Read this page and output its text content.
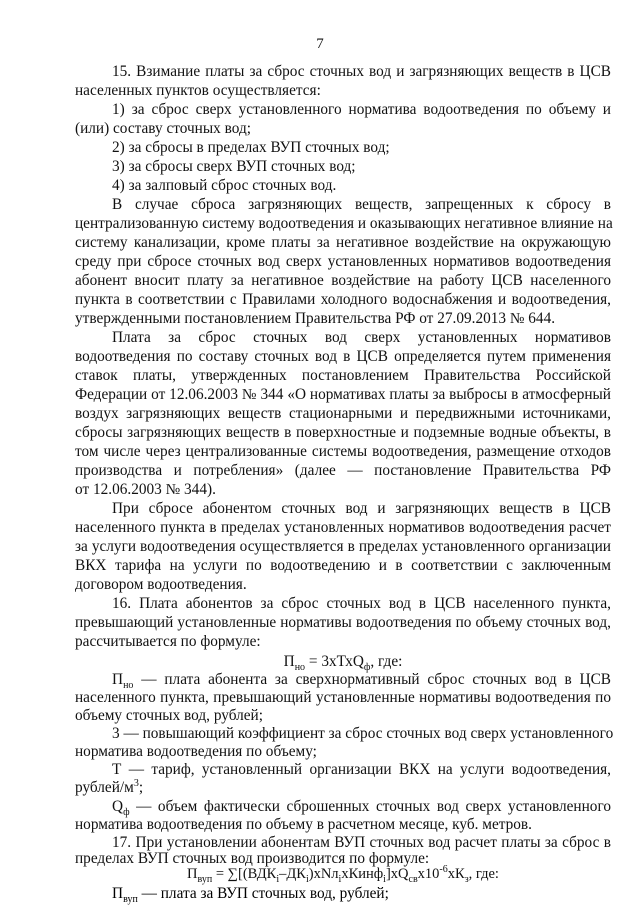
7
15. Взимание платы за сброс сточных вод и загрязняющих веществ в ЦСВ
населенных пунктов осуществляется:
1) за сброс сверх установленного норматива водоотведения по объему и
(или) составу сточных вод;
2) за сбросы в пределах ВУП сточных вод;
3) за сбросы сверх ВУП сточных вод;
4) за залповый сброс сточных вод.
В случае сброса загрязняющих веществ, запрещенных к сбросу в
централизованную систему водоотведения и оказывающих негативное влияние на
систему канализации, кроме платы за негативное воздействие на окружающую
среду при сбросе сточных вод сверх установленных нормативов водоотведения
абонент вносит плату за негативное воздействие на работу ЦСВ населенного
пункта в соответствии с Правилами холодного водоснабжения и водоотведения,
утвержденными постановлением Правительства РФ от 27.09.2013 № 644.
Плата за сброс сточных вод сверх установленных нормативов
водоотведения по составу сточных вод в ЦСВ определяется путем применения
ставок платы, утвержденных постановлением Правительства Российской
Федерации от 12.06.2003 № 344 «О нормативах платы за выбросы в атмосферный
воздух загрязняющих веществ стационарными и передвижными источниками,
сбросы загрязняющих веществ в поверхностные и подземные водные объекты, в
том числе через централизованные системы водоотведения, размещение отходов
производства и потребления» (далее — постановление Правительства РФ
от 12.06.2003 № 344).
При сбросе абонентом сточных вод и загрязняющих веществ в ЦСВ
населенного пункта в пределах установленных нормативов водоотведения расчет
за услуги водоотведения осуществляется в пределах установленного организации
ВКХ тарифа на услуги по водоотведению и в соответствии с заключенным
договором водоотведения.
16. Плата абонентов за сброс сточных вод в ЦСВ населенного пункта,
превышающий установленные нормативы водоотведения по объему сточных вод,
рассчитывается по формуле:
$П_{но}$ = 3хТхQ$_ф$, где:
$П_{но}$ — плата абонента за сверхнормативный сброс сточных вод в ЦСВ
населенного пункта, превышающий установленные нормативы водоотведения по
объему сточных вод, рублей;
3 — повышающий коэффициент за сброс сточных вод сверх установленного
норматива водоотведения по объему;
Т — тариф, установленный организации ВКХ на услуги водоотведения,
рублей/$м^3$;
$Q_ф$ — объем фактически сброшенных сточных вод сверх установленного
норматива водоотведения по объему в расчетном месяце, куб. метров.
17. При установлении абонентам ВУП сточных вод расчет платы за сброс в
пределах ВУП сточных вод производится по формуле:
$П_{вуп}$ = $\sum[(ВДК_i-ДК_i)хNл_iхКинф_i]хQ_{св}х10^{-6}хК_з$, где:
$П_{вуп}$ — плата за ВУП сточных вод, рублей;
